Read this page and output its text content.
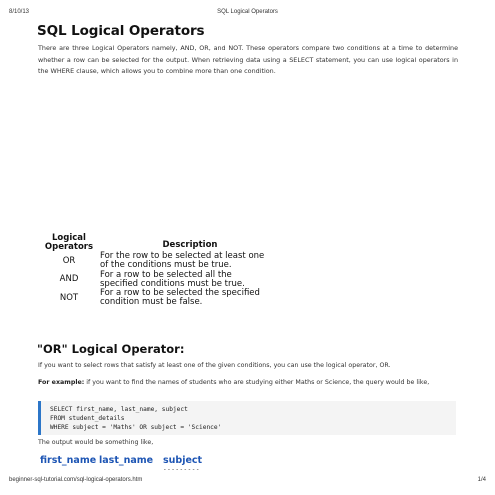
8/10/13	SQL Logical Operators
SQL Logical Operators
There are three Logical Operators namely, AND, OR, and NOT. These operators compare two conditions at a time to determine whether a row can be selected for the output. When retrieving data using a SELECT statement, you can use logical operators in the WHERE clause, which allows you to combine more than one condition.
Logical Operators	Description
OR	For the row to be selected at least one of the conditions must be true.
AND	For a row to be selected all the specified conditions must be true.
NOT	For a row to be selected the specified condition must be false.
"OR" Logical Operator:
If you want to select rows that satisfy at least one of the given conditions, you can use the logical operator, OR.
For example: if you want to find the names of students who are studying either Maths or Science, the query would be like,
SELECT first_name, last_name, subject
FROM student_details
WHERE subject = 'Maths' OR subject = 'Science'
The output would be something like,
first_name last_name subject
---------
beginner-sql-tutorial.com/sql-logical-operators.htm	1/4
